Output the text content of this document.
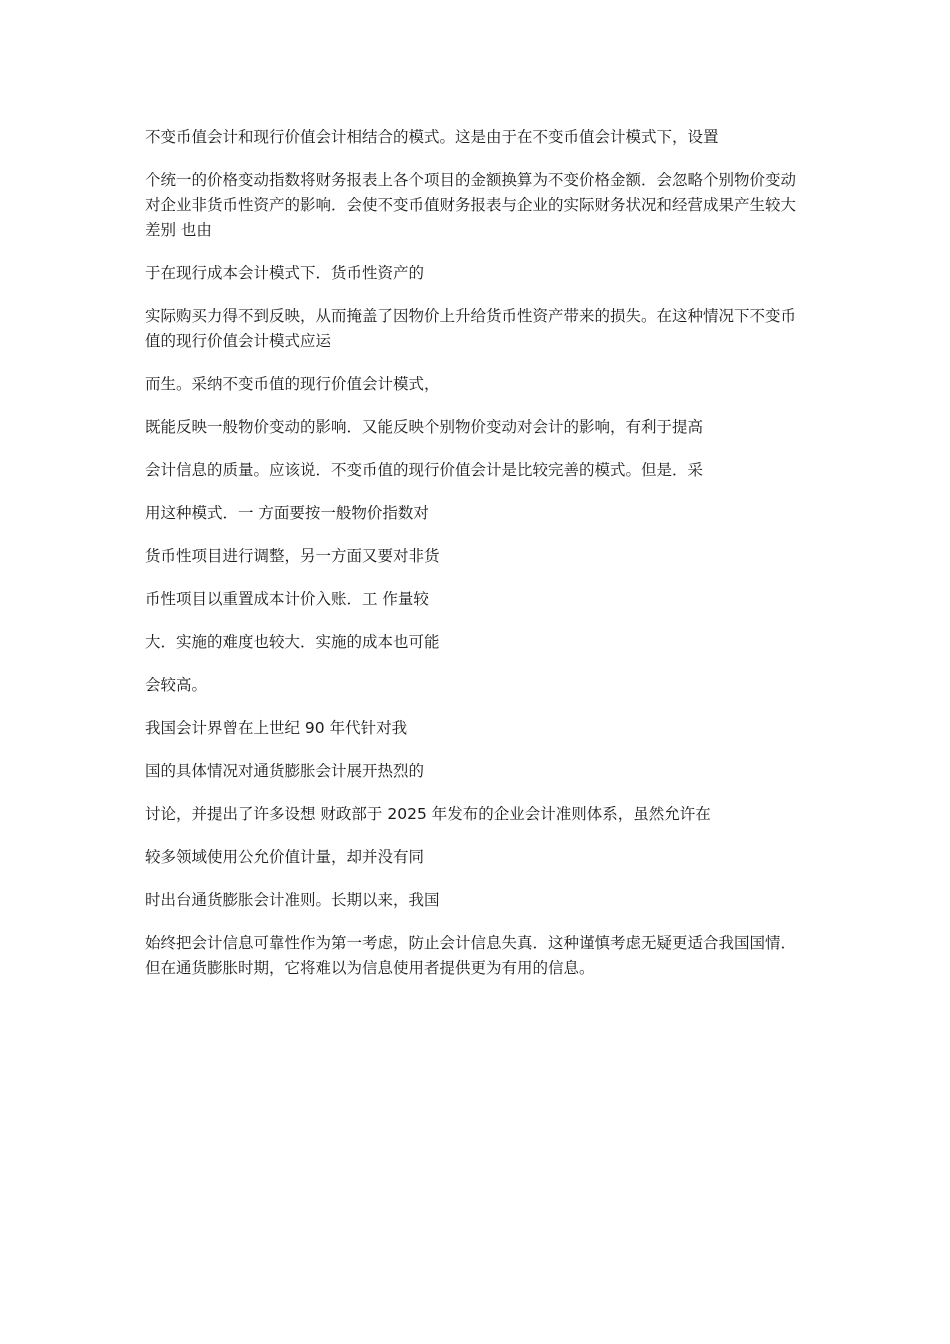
不变币值会计和现行价值会计相结合的模式。这是由于在不变币值会计模式下，设置

个统一的价格变动指数将财务报表上各个项目的金额换算为不变价格金额．会忽略个别物价变动对企业非货币性资产的影响．会使不变币值财务报表与企业的实际财务状况和经营成果产生较大差别 也由

于在现行成本会计模式下．货币性资产的

实际购买力得不到反映，从而掩盖了因物价上升给货币性资产带来的损失。在这种情况下不变币值的现行价值会计模式应运

而生。采纳不变币值的现行价值会计模式，

既能反映一般物价变动的影响．又能反映个别物价变动对会计的影响，有利于提高

会计信息的质量。应该说．不变币值的现行价值会计是比较完善的模式。但是．采

用这种模式．一 方面要按一般物价指数对

货币性项目进行调整，另一方面又要对非货

币性项目以重置成本计价入账．工 作量较

大．实施的难度也较大．实施的成本也可能

会较高。

我国会计界曾在上世纪 90 年代针对我

国的具体情况对通货膨胀会计展开热烈的

讨论，并提出了许多设想 财政部于 2025 年发布的企业会计准则体系，虽然允许在

较多领域使用公允价值计量，却并没有同

时出台通货膨胀会计准则。长期以来，我国

始终把会计信息可靠性作为第一考虑，防止会计信息失真．这种谨慎考虑无疑更适合我国国情．但在通货膨胀时期，它将难以为信息使用者提供更为有用的信息。
